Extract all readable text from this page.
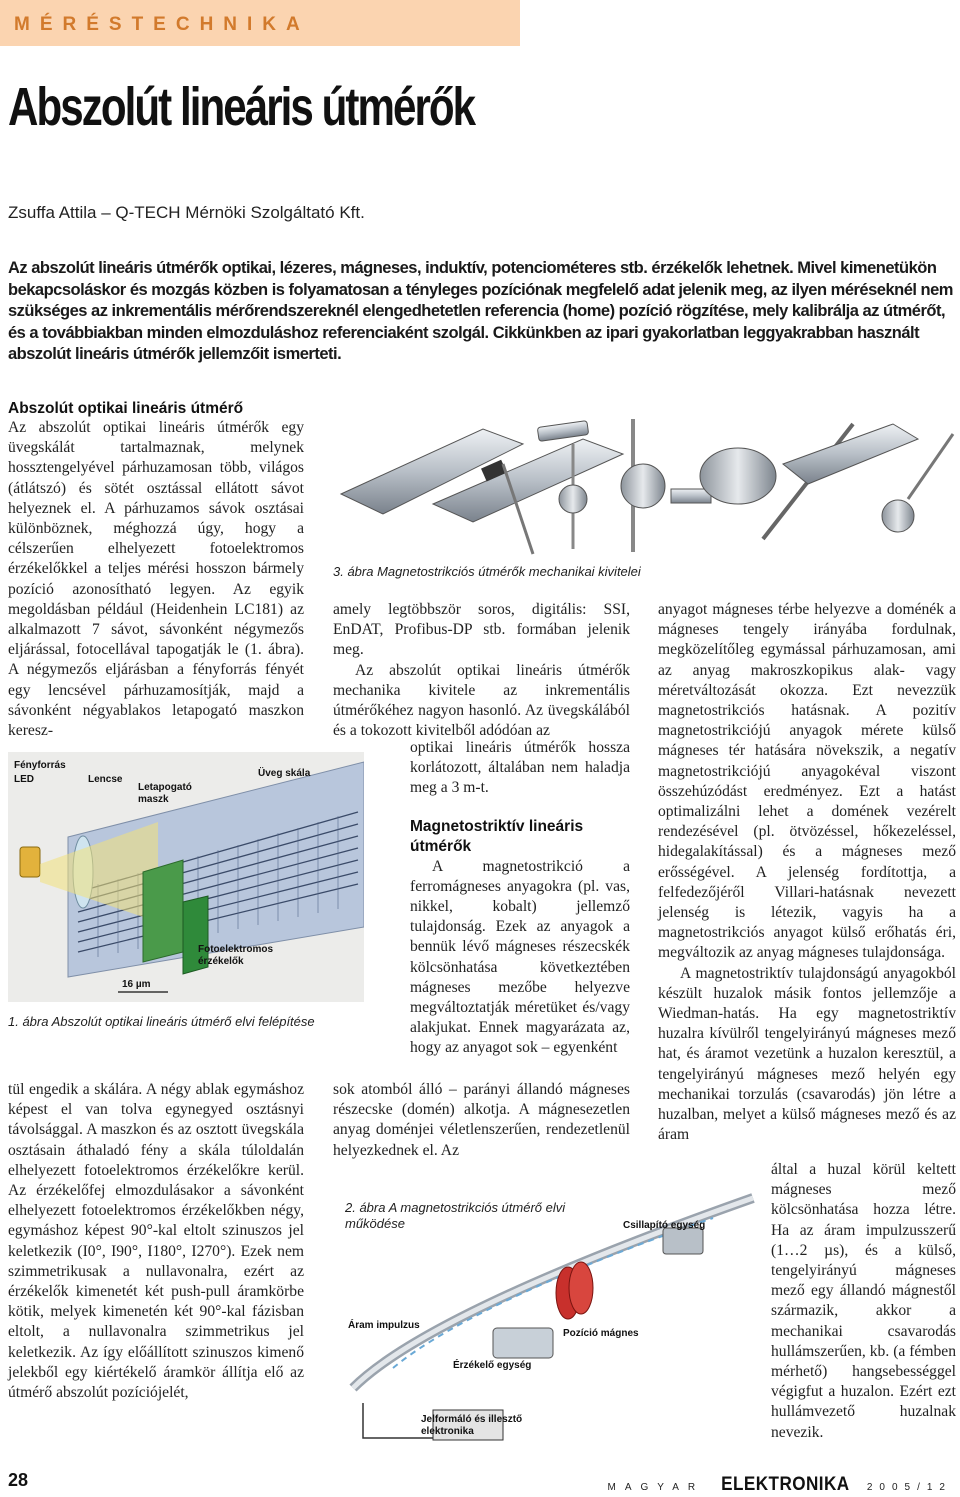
MÉRÉSTECHNIKA
Abszolút lineáris útmérők
Zsuffa Attila – Q-TECH Mérnöki Szolgáltató Kft.

Az abszolút lineáris útmérők optikai, lézeres, mágneses, induktív, potenciométeres stb. érzékelők lehetnek. Mivel kimenetükön bekapcsoláskor és mozgás közben is folyamatosan a tényleges pozíciónak megfelelő adat jelenik meg, az ilyen méréseknél nem szükséges az inkrementális mérőrendszereknél elengedhetetlen referencia (home) pozíció rögzítése, mely kalibrálja az útmérőt, és a továbbiakban minden elmozduláshoz referenciaként szolgál. Cikkünkben az ipari gyakorlatban leggyakrabban használt abszolút lineáris útmérők jellemzőit ismerteti.

Abszolút optikai lineáris útmérő

Az abszolút optikai lineáris útmérők egy üvegskálát tartalmaznak, melynek hossztengelyével párhuzamosan több, világos (átlátszó) és sötét osztással ellátott sávot helyeznek el. A párhuzamos sávok osztásai különböznek, méghozzá úgy, hogy a célszerűen elhelyezett fotoelektromos érzékelőkkel a teljes mérési hosszon bármely pozíció azonosítható legyen. Az egyik megoldásban például (Heidenhein LC181) az alkalmazott 7 sávot, sávonként négymezős eljárással, fotocellával tapogatják le (1. ábra). A négymezős eljárásban a fényforrás fényét egy lencsével párhuzamosítják, majd a sávonként négyablakos letapogató maszkon keresz-

Fényforrás
LED	Lencse
Letapogató
maszk
Üveg skála
Fotoelektromos
érzékelők
16 µm
1. ábra Abszolút optikai lineáris útmérő elvi felépítése

tül engedik a skálára. A négy ablak egymáshoz képest el van tolva egynegyed osztásnyi távolsággal. A maszkon és az osztott üvegskála osztásain áthaladó fény a skála túloldalán elhelyezett fotoelektromos érzékelőkre kerül. Az érzékelőfej elmozdulásakor a sávonként elhelyezett fotoelektromos érzékelőkben négy, egymáshoz képest 90°-kal eltolt szinuszos jel keletkezik (I0°, I90°, I180°, I270°). Ezek nem szimmetrikusak a nullavonalra, ezért az érzékelők kimenetét két push-pull áramkörbe kötik, melyek kimenetén két 90°-kal fázisban eltolt, a nullavonalra szimmetrikus jel keletkezik. Az így előállított szinuszos kimenő jelekből egy kiértékelő áramkör állítja elő az útmérő abszolút pozíciójelét,

3. ábra Magnetostrikciós útmérők mechanikai kivitelei

amely legtöbbször soros, digitális: SSI, EnDAT, Profibus-DP stb. formában jelenik meg.

Az abszolút optikai lineáris útmérők mechanika kivitele az inkrementális útmérőkéhez nagyon hasonló. Az üvegskálából és a tokozott kivitelből adódóan az

optikai lineáris útmérők hossza korlátozott, általában nem haladja meg a 3 m-t.

Magnetostriktív lineáris útmérők

A magnetostrikció a ferromágneses anyagokra (pl. vas, nikkel, kobalt) jellemző tulajdonság. Ezek az anyagok a bennük lévő mágneses részecskék kölcsönhatása következtében mágneses mezőbe helyezve megváltoztatják méretüket és/vagy alakjukat. Ennek magyarázata az, hogy az anyagot sok – egyenként

sok atomból álló – parányi állandó mágneses részecske (domén) alkotja. A mágnesezetlen anyag doménjei véletlenszerűen, rendezetlenül helyezkednek el. Az

anyagot mágneses térbe helyezve a doménék a mágneses tengely irányába fordulnak, megközelítőleg egymással párhuzamosan, ami az anyag makroszkopikus alak- vagy méretváltozását okozza. Ezt nevezzük magnetostrikciós hatásnak. A pozitív magnetostrikciójú anyagok mérete külső mágneses tér hatására növekszik, a negatív magnetostrikciójú anyagokéval viszont összehúzódást eredményez. Ezt a hatást optimalizálni lehet a domének vezérelt rendezésével (pl. ötvözéssel, hőkezeléssel, hidegalakítással) és a mágneses mező erősségével. A jelenség fordítottja, a felfedezőjéről Villari-hatásnak nevezett jelenség is létezik, vagyis ha a magnetostrikciós anyagot külső erőhatás éri, megváltozik az anyag mágneses tulajdonsága.

A magnetostriktív tulajdonságú anyagokból készült huzalok másik fontos jellemzője a Wiedman-hatás. Ha egy magnetostriktív huzalra kívülről tengelyirányú mágneses mező hat, és áramot vezetünk a huzalon keresztül, a tengelyirányú mágneses mező helyén egy mechanikai torzulás (csavarodás) jön létre a huzalban, melyet a külső mágneses mező és az áram

által a huzal körül keltett mágneses mező kölcsönhatása hozza létre. Ha az áram impulzusszerű (1…2 µs), és a külső, tengelyirányú mágneses mező egy állandó mágnestől származik, akkor a mechanikai csavarodás hullámszerűen, kb. (a fémben mérhető) hangsebességgel végigfut a huzalon. Ezért ezt hullámvezető huzalnak nevezik.

Csillapító egység
Áram impulzus
Pozíció mágnes
Érzékelő egység
Jelformáló és illesztő
elektronika
2. ábra A magnetostrikciós útmérő elvi működése
28	MAGYAR ELEKTRONIKA 2005/12
